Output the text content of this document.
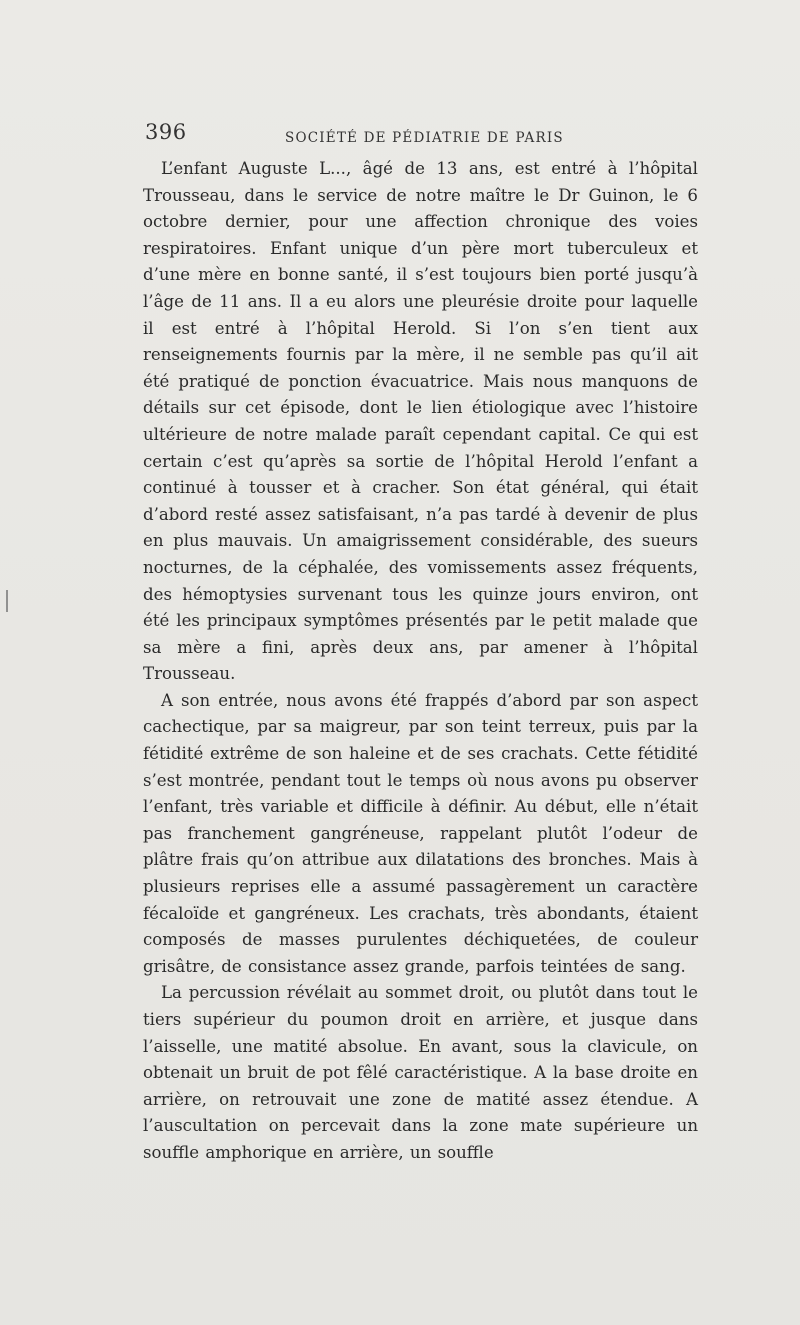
396	SOCIÉTÉ DE PÉDIATRIE DE PARIS

L’enfant Auguste L..., âgé de 13 ans, est entré à l’hôpital Trousseau, dans le service de notre maître le Dr Guinon, le 6 octobre dernier, pour une affection chronique des voies respiratoires. Enfant unique d’un père mort tuberculeux et d’une mère en bonne santé, il s’est toujours bien porté jusqu’à l’âge de 11 ans. Il a eu alors une pleurésie droite pour laquelle il est entré à l’hôpital Herold. Si l’on s’en tient aux renseignements fournis par la mère, il ne semble pas qu’il ait été pratiqué de ponction évacuatrice. Mais nous manquons de détails sur cet épisode, dont le lien étiologique avec l’histoire ultérieure de notre malade paraît cependant capital. Ce qui est certain c’est qu’après sa sortie de l’hôpital Herold l’enfant a continué à tousser et à cracher. Son état général, qui était d’abord resté assez satisfaisant, n’a pas tardé à devenir de plus en plus mauvais. Un amaigrissement considérable, des sueurs nocturnes, de la céphalée, des vomissements assez fréquents, des hémoptysies survenant tous les quinze jours environ, ont été les principaux symptômes présentés par le petit malade que sa mère a fini, après deux ans, par amener à l’hôpital Trousseau.

A son entrée, nous avons été frappés d’abord par son aspect cachectique, par sa maigreur, par son teint terreux, puis par la fétidité extrême de son haleine et de ses crachats. Cette fétidité s’est montrée, pendant tout le temps où nous avons pu observer l’enfant, très variable et difficile à définir. Au début, elle n’était pas franchement gangréneuse, rappelant plutôt l’odeur de plâtre frais qu’on attribue aux dilatations des bronches. Mais à plusieurs reprises elle a assumé passagèrement un caractère fécaloïde et gangréneux. Les crachats, très abondants, étaient composés de masses purulentes déchiquetées, de couleur grisâtre, de consistance assez grande, parfois teintées de sang.

La percussion révélait au sommet droit, ou plutôt dans tout le tiers supérieur du poumon droit en arrière, et jusque dans l’aisselle, une matité absolue. En avant, sous la clavicule, on obtenait un bruit de pot fêlé caractéristique. A la base droite en arrière, on retrouvait une zone de matité assez étendue. A l’auscultation on percevait dans la zone mate supérieure un souffle amphorique en arrière, un souffle
